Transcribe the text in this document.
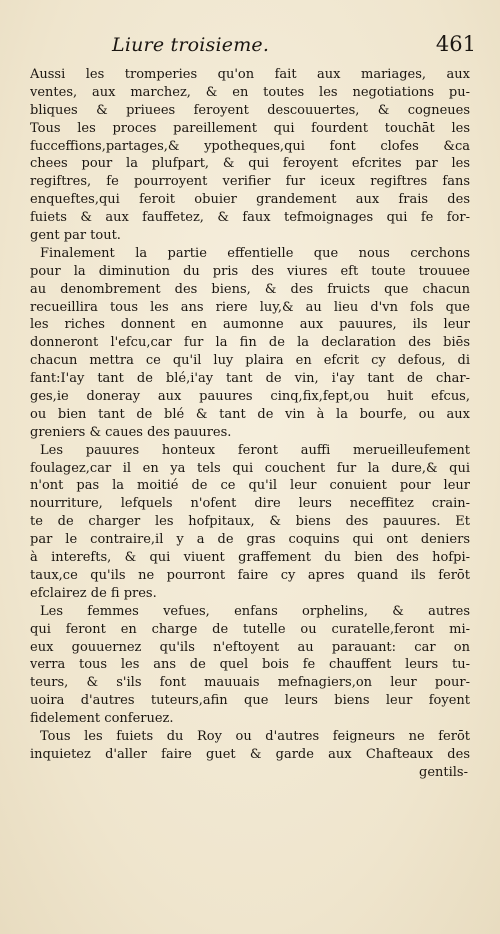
Liure troisieme.	461
Aussi les tromperies qu'on fait aux mariages, aux
ventes, aux marchez, & en toutes les negotiations pu-
bliques & priuees feroyent descouuertes, & cogneues
Tous les proces pareillement qui fourdent touchāt les
fucceffions,partages,& ypotheques,qui font clofes &ca
chees pour la plufpart, & qui feroyent efcrites par les
regiftres, fe pourroyent verifier fur iceux regiftres fans
enqueftes,qui feroit obuier grandement aux frais des
fuiets & aux fauffetez, & faux tefmoignages qui fe for-
gent par tout.
Finalement la partie effentielle que nous cerchons
pour la diminution du pris des viures eft toute trouuee
au denombrement des biens, & des fruicts que chacun
recueillira tous les ans riere luy,& au lieu d'vn fols que
les riches donnent en aumonne aux pauures, ils leur
donneront l'efcu,car fur la fin de la declaration des biēs
chacun mettra ce qu'il luy plaira en efcrit cy defous, di
fant:I'ay tant de blé,i'ay tant de vin, i'ay tant de char-
ges,ie doneray aux pauures cinq,fix,fept,ou huit efcus,
ou bien tant de blé & tant de vin à la bourfe, ou aux
greniers & caues des pauures.
Les pauures honteux feront auffi merueilleufement
foulagez,car il en ya tels qui couchent fur la dure,& qui
n'ont pas la moitié de ce qu'il leur conuient pour leur
nourriture, lefquels n'ofent dire leurs neceffitez crain-
te de charger les hofpitaux, & biens des pauures. Et
par le contraire,il y a de gras coquins qui ont deniers
à interefts, & qui viuent graffement du bien des hofpi-
taux,ce qu'ils ne pourront faire cy apres quand ils ferōt
efclairez de fi pres.
Les femmes vefues, enfans orphelins, & autres
qui feront en charge de tutelle ou curatelle,feront mi-
eux gouuernez qu'ils n'eftoyent au parauant: car on
verra tous les ans de quel bois fe chauffent leurs tu-
teurs, & s'ils font mauuais mefnagiers,on leur pour-
uoira d'autres tuteurs,afin que leurs biens leur foyent
fidelement conferuez.
Tous les fuiets du Roy ou d'autres feigneurs ne ferōt
inquietez d'aller faire guet & garde aux Chafteaux des
gentils-
